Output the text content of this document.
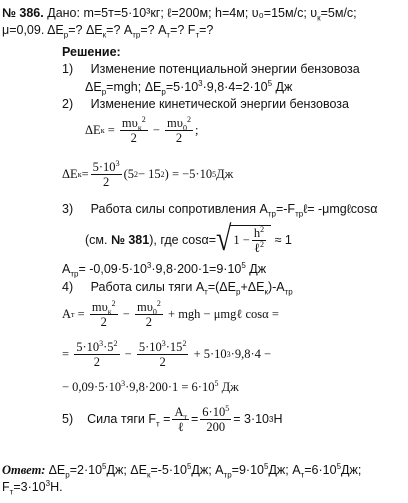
№ 386. Дано: m=5т=5·10³кг; ℓ=200м; h=4м; υ₀=15м/с; $\upsilon_к=5м/с$;
μ=0,09. $\Delta E_р=$? $\Delta E_к=$? $A_{тр}=$? $A_т=$? $F_т=$?
Решение:
1) Изменение потенциальной энергии бензовоза
$\Delta E_р=mgh$; $\Delta E_р=5\cdot 10^3\cdot 9,8\cdot 4=2\cdot 10^5$ Дж
2) Изменение кинетической энергии бензовоза
ΔE $к = \frac{m\upsilon_к^2}{2} - \frac{m\upsilon_0^2}{2}$ ;
ΔE $к = \frac{5\cdot 10^3}{2} (5$ 2 − 15 2 ) = −5·10 5 Дж
3) Работа силы сопротивления $A_{тр}=-F_{тр}\ell=$ -μmgℓcosα
(см. № 381), где cosα= √ $1 - \frac{h^2}{\ell^2} \approx 1$
$A_{тр}= -0,09\cdot 5\cdot 10^3\cdot 9,8\cdot 200\cdot 1=9\cdot 10^5$ Дж
4) Работа силы тяги $A_т=(\Delta E_р+\Delta E_к)-A_{тр}$
A $т = \frac{m\upsilon_к^2}{2} - \frac{m\upsilon_0^2}{2}$ + mgh − μmgℓ cosα =
= $\frac{5\cdot 10^3\cdot 5^2}{2} - \frac{5\cdot 10^3\cdot 15^2}{2} + 5\cdot 10$ 3 ·9,8·4 −
− $0,09\cdot 5\cdot 10^3\cdot 9,8\cdot 200\cdot 1 = 6\cdot 10^5$ Дж
5) Сила тяги $F_т = \frac{A_т}{\text{ℓ}} = \frac{6\cdot 10^5}{200} = 3\cdot 10$ 3 Н
Ответ: $\Delta E_р=2\cdot 10^5Дж$; $\Delta E_к=-5\cdot 10^5Дж$; $A_{тр}=9\cdot 10^5Дж$; $A_т=6\cdot 10^5Дж$;
$F_т=3\cdot 10^3Н$.
